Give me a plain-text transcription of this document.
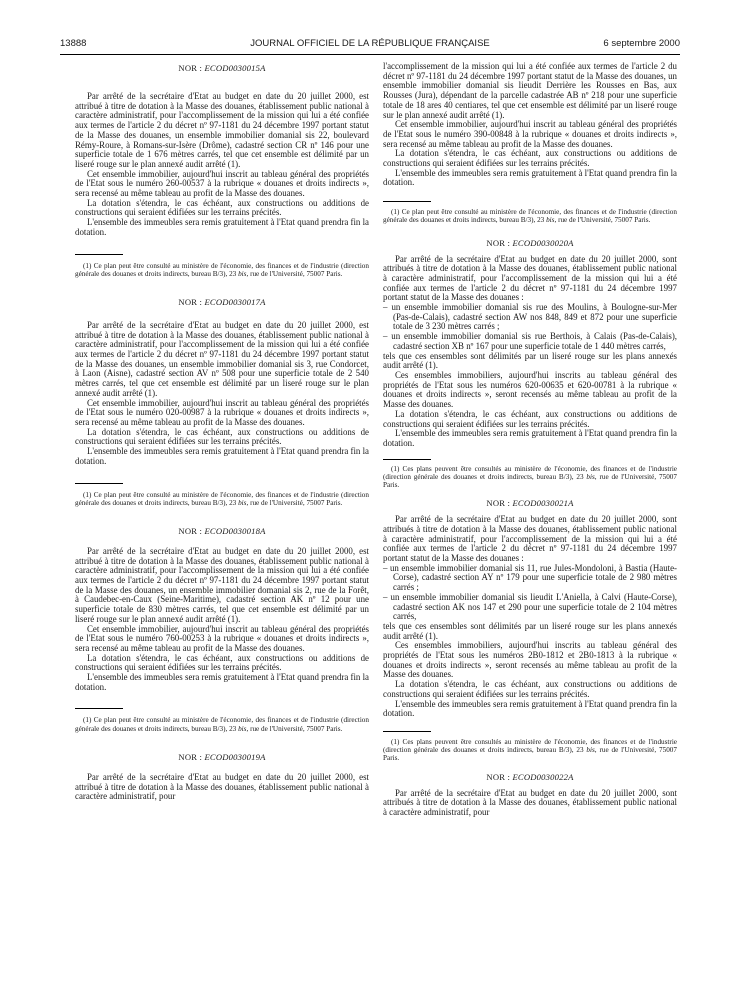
13888	JOURNAL OFFICIEL DE LA RÉPUBLIQUE FRANÇAISE	6 septembre 2000

NOR : ECOD0030015A

Par arrêté de la secrétaire d'Etat au budget en date du 20 juillet 2000, est attribué à titre de dotation à la Masse des douanes, établissement public national à caractère administratif, pour l'accomplissement de la mission qui lui a été confiée aux termes de l'article 2 du décret nº 97-1181 du 24 décembre 1997 portant statut de la Masse des douanes, un ensemble immobilier domanial sis 22, boulevard Rémy-Roure, à Romans-sur-Isère (Drôme), cadastré section CR nº 146 pour une superficie totale de 1 676 mètres carrés, tel que cet ensemble est délimité par un liseré rouge sur le plan annexé audit arrêté (1).

Cet ensemble immobilier, aujourd'hui inscrit au tableau général des propriétés de l'Etat sous le numéro 260-00537 à la rubrique « douanes et droits indirects », sera recensé au même tableau au profit de la Masse des douanes.

La dotation s'étendra, le cas échéant, aux constructions ou additions de constructions qui seraient édifiées sur les terrains précités.

L'ensemble des immeubles sera remis gratuitement à l'Etat quand prendra fin la dotation.

(1) Ce plan peut être consulté au ministère de l'économie, des finances et de l'industrie (direction générale des douanes et droits indirects, bureau B/3), 23 bis, rue de l'Université, 75007 Paris.

NOR : ECOD0030017A

Par arrêté de la secrétaire d'Etat au budget en date du 20 juillet 2000, est attribué à titre de dotation à la Masse des douanes, établissement public national à caractère administratif, pour l'accomplissement de la mission qui lui a été confiée aux termes de l'article 2 du décret nº 97-1181 du 24 décembre 1997 portant statut de la Masse des douanes, un ensemble immobilier domanial sis 3, rue Condorcet, à Laon (Aisne), cadastré section AV nº 508 pour une superficie totale de 2 540 mètres carrés, tel que cet ensemble est délimité par un liseré rouge sur le plan annexé audit arrêté (1).

Cet ensemble immobilier, aujourd'hui inscrit au tableau général des propriétés de l'Etat sous le numéro 020-00987 à la rubrique « douanes et droits indirects », sera recensé au même tableau au profit de la Masse des douanes.

La dotation s'étendra, le cas échéant, aux constructions ou additions de constructions qui seraient édifiées sur les terrains précités.

L'ensemble des immeubles sera remis gratuitement à l'Etat quand prendra fin la dotation.

(1) Ce plan peut être consulté au ministère de l'économie, des finances et de l'industrie (direction générale des douanes et droits indirects, bureau B/3), 23 bis, rue de l'Université, 75007 Paris.

NOR : ECOD0030018A

Par arrêté de la secrétaire d'Etat au budget en date du 20 juillet 2000, est attribué à titre de dotation à la Masse des douanes, établissement public national à caractère administratif, pour l'accomplissement de la mission qui lui a été confiée aux termes de l'article 2 du décret nº 97-1181 du 24 décembre 1997 portant statut de la Masse des douanes, un ensemble immobilier domanial sis 2, rue de la Forêt, à Caudebec-en-Caux (Seine-Maritime), cadastré section AK nº 12 pour une superficie totale de 830 mètres carrés, tel que cet ensemble est délimité par un liseré rouge sur le plan annexé audit arrêté (1).

Cet ensemble immobilier, aujourd'hui inscrit au tableau général des propriétés de l'Etat sous le numéro 760-00253 à la rubrique « douanes et droits indirects », sera recensé au même tableau au profit de la Masse des douanes.

La dotation s'étendra, le cas échéant, aux constructions ou additions de constructions qui seraient édifiées sur les terrains précités.

L'ensemble des immeubles sera remis gratuitement à l'Etat quand prendra fin la dotation.

(1) Ce plan peut être consulté au ministère de l'économie, des finances et de l'industrie (direction générale des douanes et droits indirects, bureau B/3), 23 bis, rue de l'Université, 75007 Paris.

NOR : ECOD0030019A

Par arrêté de la secrétaire d'Etat au budget en date du 20 juillet 2000, est attribué à titre de dotation à la Masse des douanes, établissement public national à caractère administratif, pour

l'accomplissement de la mission qui lui a été confiée aux termes de l'article 2 du décret nº 97-1181 du 24 décembre 1997 portant statut de la Masse des douanes, un ensemble immobilier domanial sis lieudit Derrière les Rousses en Bas, aux Rousses (Jura), dépendant de la parcelle cadastrée AB nº 218 pour une superficie totale de 18 ares 40 centiares, tel que cet ensemble est délimité par un liseré rouge sur le plan annexé audit arrêté (1).

Cet ensemble immobilier, aujourd'hui inscrit au tableau général des propriétés de l'Etat sous le numéro 390-00848 à la rubrique « douanes et droits indirects », sera recensé au même tableau au profit de la Masse des douanes.

La dotation s'étendra, le cas échéant, aux constructions ou additions de constructions qui seraient édifiées sur les terrains précités.

L'ensemble des immeubles sera remis gratuitement à l'Etat quand prendra fin la dotation.

(1) Ce plan peut être consulté au ministère de l'économie, des finances et de l'industrie (direction générale des douanes et droits indirects, bureau B/3), 23 bis, rue de l'Université, 75007 Paris.

NOR : ECOD0030020A

Par arrêté de la secrétaire d'Etat au budget en date du 20 juillet 2000, sont attribués à titre de dotation à la Masse des douanes, établissement public national à caractère administratif, pour l'accomplissement de la mission qui lui a été confiée aux termes de l'article 2 du décret nº 97-1181 du 24 décembre 1997 portant statut de la Masse des douanes :

– un ensemble immobilier domanial sis rue des Moulins, à Boulogne-sur-Mer (Pas-de-Calais), cadastré section AW nos 848, 849 et 872 pour une superficie totale de 3 230 mètres carrés ;
– un ensemble immobilier domanial sis rue Berthois, à Calais (Pas-de-Calais), cadastré section XB nº 167 pour une superficie totale de 1 440 mètres carrés,

tels que ces ensembles sont délimités par un liseré rouge sur les plans annexés audit arrêté (1).

Ces ensembles immobiliers, aujourd'hui inscrits au tableau général des propriétés de l'Etat sous les numéros 620-00635 et 620-00781 à la rubrique « douanes et droits indirects », seront recensés au même tableau au profit de la Masse des douanes.

La dotation s'étendra, le cas échéant, aux constructions ou additions de constructions qui seraient édifiées sur les terrains précités.

L'ensemble des immeubles sera remis gratuitement à l'Etat quand prendra fin la dotation.

(1) Ces plans peuvent être consultés au ministère de l'économie, des finances et de l'industrie (direction générale des douanes et droits indirects, bureau B/3), 23 bis, rue de l'Université, 75007 Paris.

NOR : ECOD0030021A

Par arrêté de la secrétaire d'Etat au budget en date du 20 juillet 2000, sont attribués à titre de dotation à la Masse des douanes, établissement public national à caractère administratif, pour l'accomplissement de la mission qui lui a été confiée aux termes de l'article 2 du décret nº 97-1181 du 24 décembre 1997 portant statut de la Masse des douanes :

– un ensemble immobilier domanial sis 11, rue Jules-Mondoloni, à Bastia (Haute-Corse), cadastré section AY nº 179 pour une superficie totale de 2 980 mètres carrés ;
– un ensemble immobilier domanial sis lieudit L'Aniella, à Calvi (Haute-Corse), cadastré section AK nos 147 et 290 pour une superficie totale de 2 104 mètres carrés,

tels que ces ensembles sont délimités par un liseré rouge sur les plans annexés audit arrêté (1).

Ces ensembles immobiliers, aujourd'hui inscrits au tableau général des propriétés de l'Etat sous les numéros 2B0-1812 et 2B0-1813 à la rubrique « douanes et droits indirects », seront recensés au même tableau au profit de la Masse des douanes.

La dotation s'étendra, le cas échéant, aux constructions ou additions de constructions qui seraient édifiées sur les terrains précités.

L'ensemble des immeubles sera remis gratuitement à l'Etat quand prendra fin la dotation.

(1) Ces plans peuvent être consultés au ministère de l'économie, des finances et de l'industrie (direction générale des douanes et droits indirects, bureau B/3), 23 bis, rue de l'Université, 75007 Paris.

NOR : ECOD0030022A

Par arrêté de la secrétaire d'Etat au budget en date du 20 juillet 2000, sont attribués à titre de dotation à la Masse des douanes, établissement public national à caractère administratif, pour
